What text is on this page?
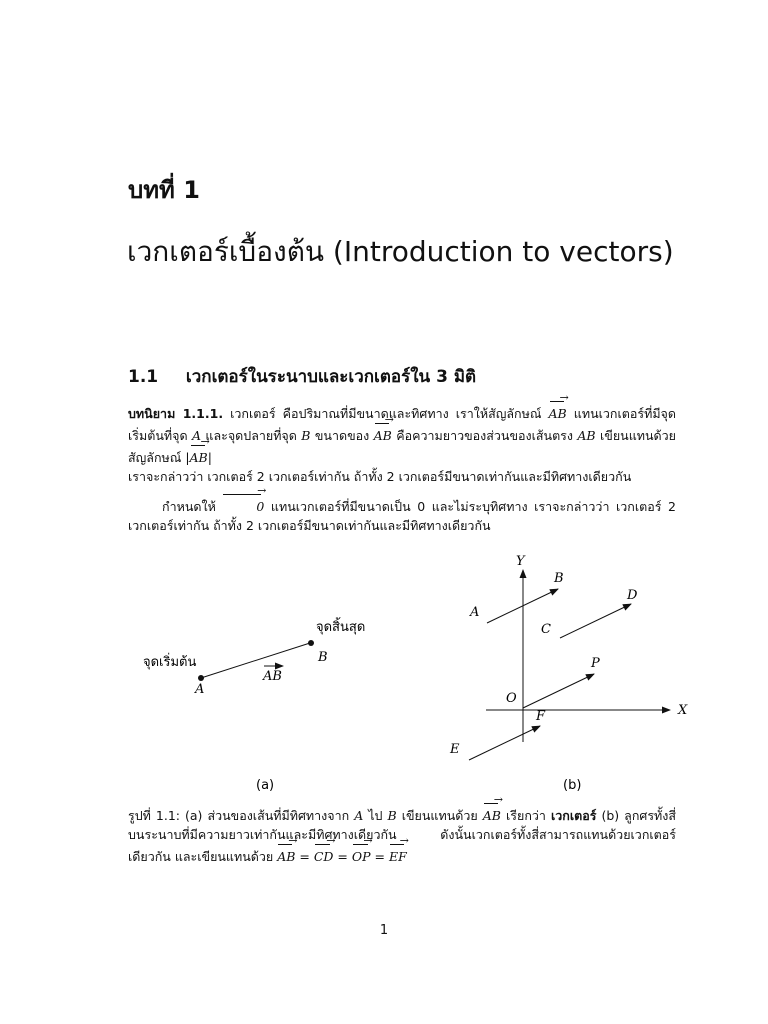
บทที่ 1
เวกเตอร์เบื้องต้น (Introduction to vectors)
1.1 เวกเตอร์ในระนาบและเวกเตอร์ใน 3 มิติ
บทนิยาม 1.1.1. เวกเตอร์ คือปริมาณที่มีขนาดและทิศทาง เราให้สัญลักษณ์ AB → แทนเวกเตอร์ที่มีจุดเริ่มต้นที่จุด A และจุดปลายที่จุด B ขนาดของ AB → คือความยาวของส่วนของเส้นตรง AB เขียนแทนด้วยสัญลักษณ์ |AB →|
เราจะกล่าวว่า เวกเตอร์ 2 เวกเตอร์เท่ากัน ถ้าทั้ง 2 เวกเตอร์มีขนาดเท่ากันและมีทิศทางเดียวกัน
กำหนดให้	0 → แทนเวกเตอร์ที่มีขนาดเป็น 0 และไม่ระบุทิศทาง เราจะกล่าวว่า เวกเตอร์ 2 เวกเตอร์เท่ากัน ถ้าทั้ง 2 เวกเตอร์มีขนาดเท่ากันและมีทิศทางเดียวกัน
จุดสิ้นสุด
จุดเริ่มต้น
A
B
AB
(a)
Y
X
O
A
B
C
D
E
F
P
(b)
รูปที่ 1.1: (a) ส่วนของเส้นที่มีทิศทางจาก A ไป B เขียนแทนด้วย AB → เรียกว่า เวกเตอร์ (b) ลูกศรทั้งสี่บนระนาบที่มีความยาวเท่ากันและมีทิศทางเดียวกัน ดังนั้นเวกเตอร์ทั้งสี่สามารถแทนด้วยเวกเตอร์เดียวกัน และเขียนแทนด้วย AB → = CD → = OP → = EF →
1
